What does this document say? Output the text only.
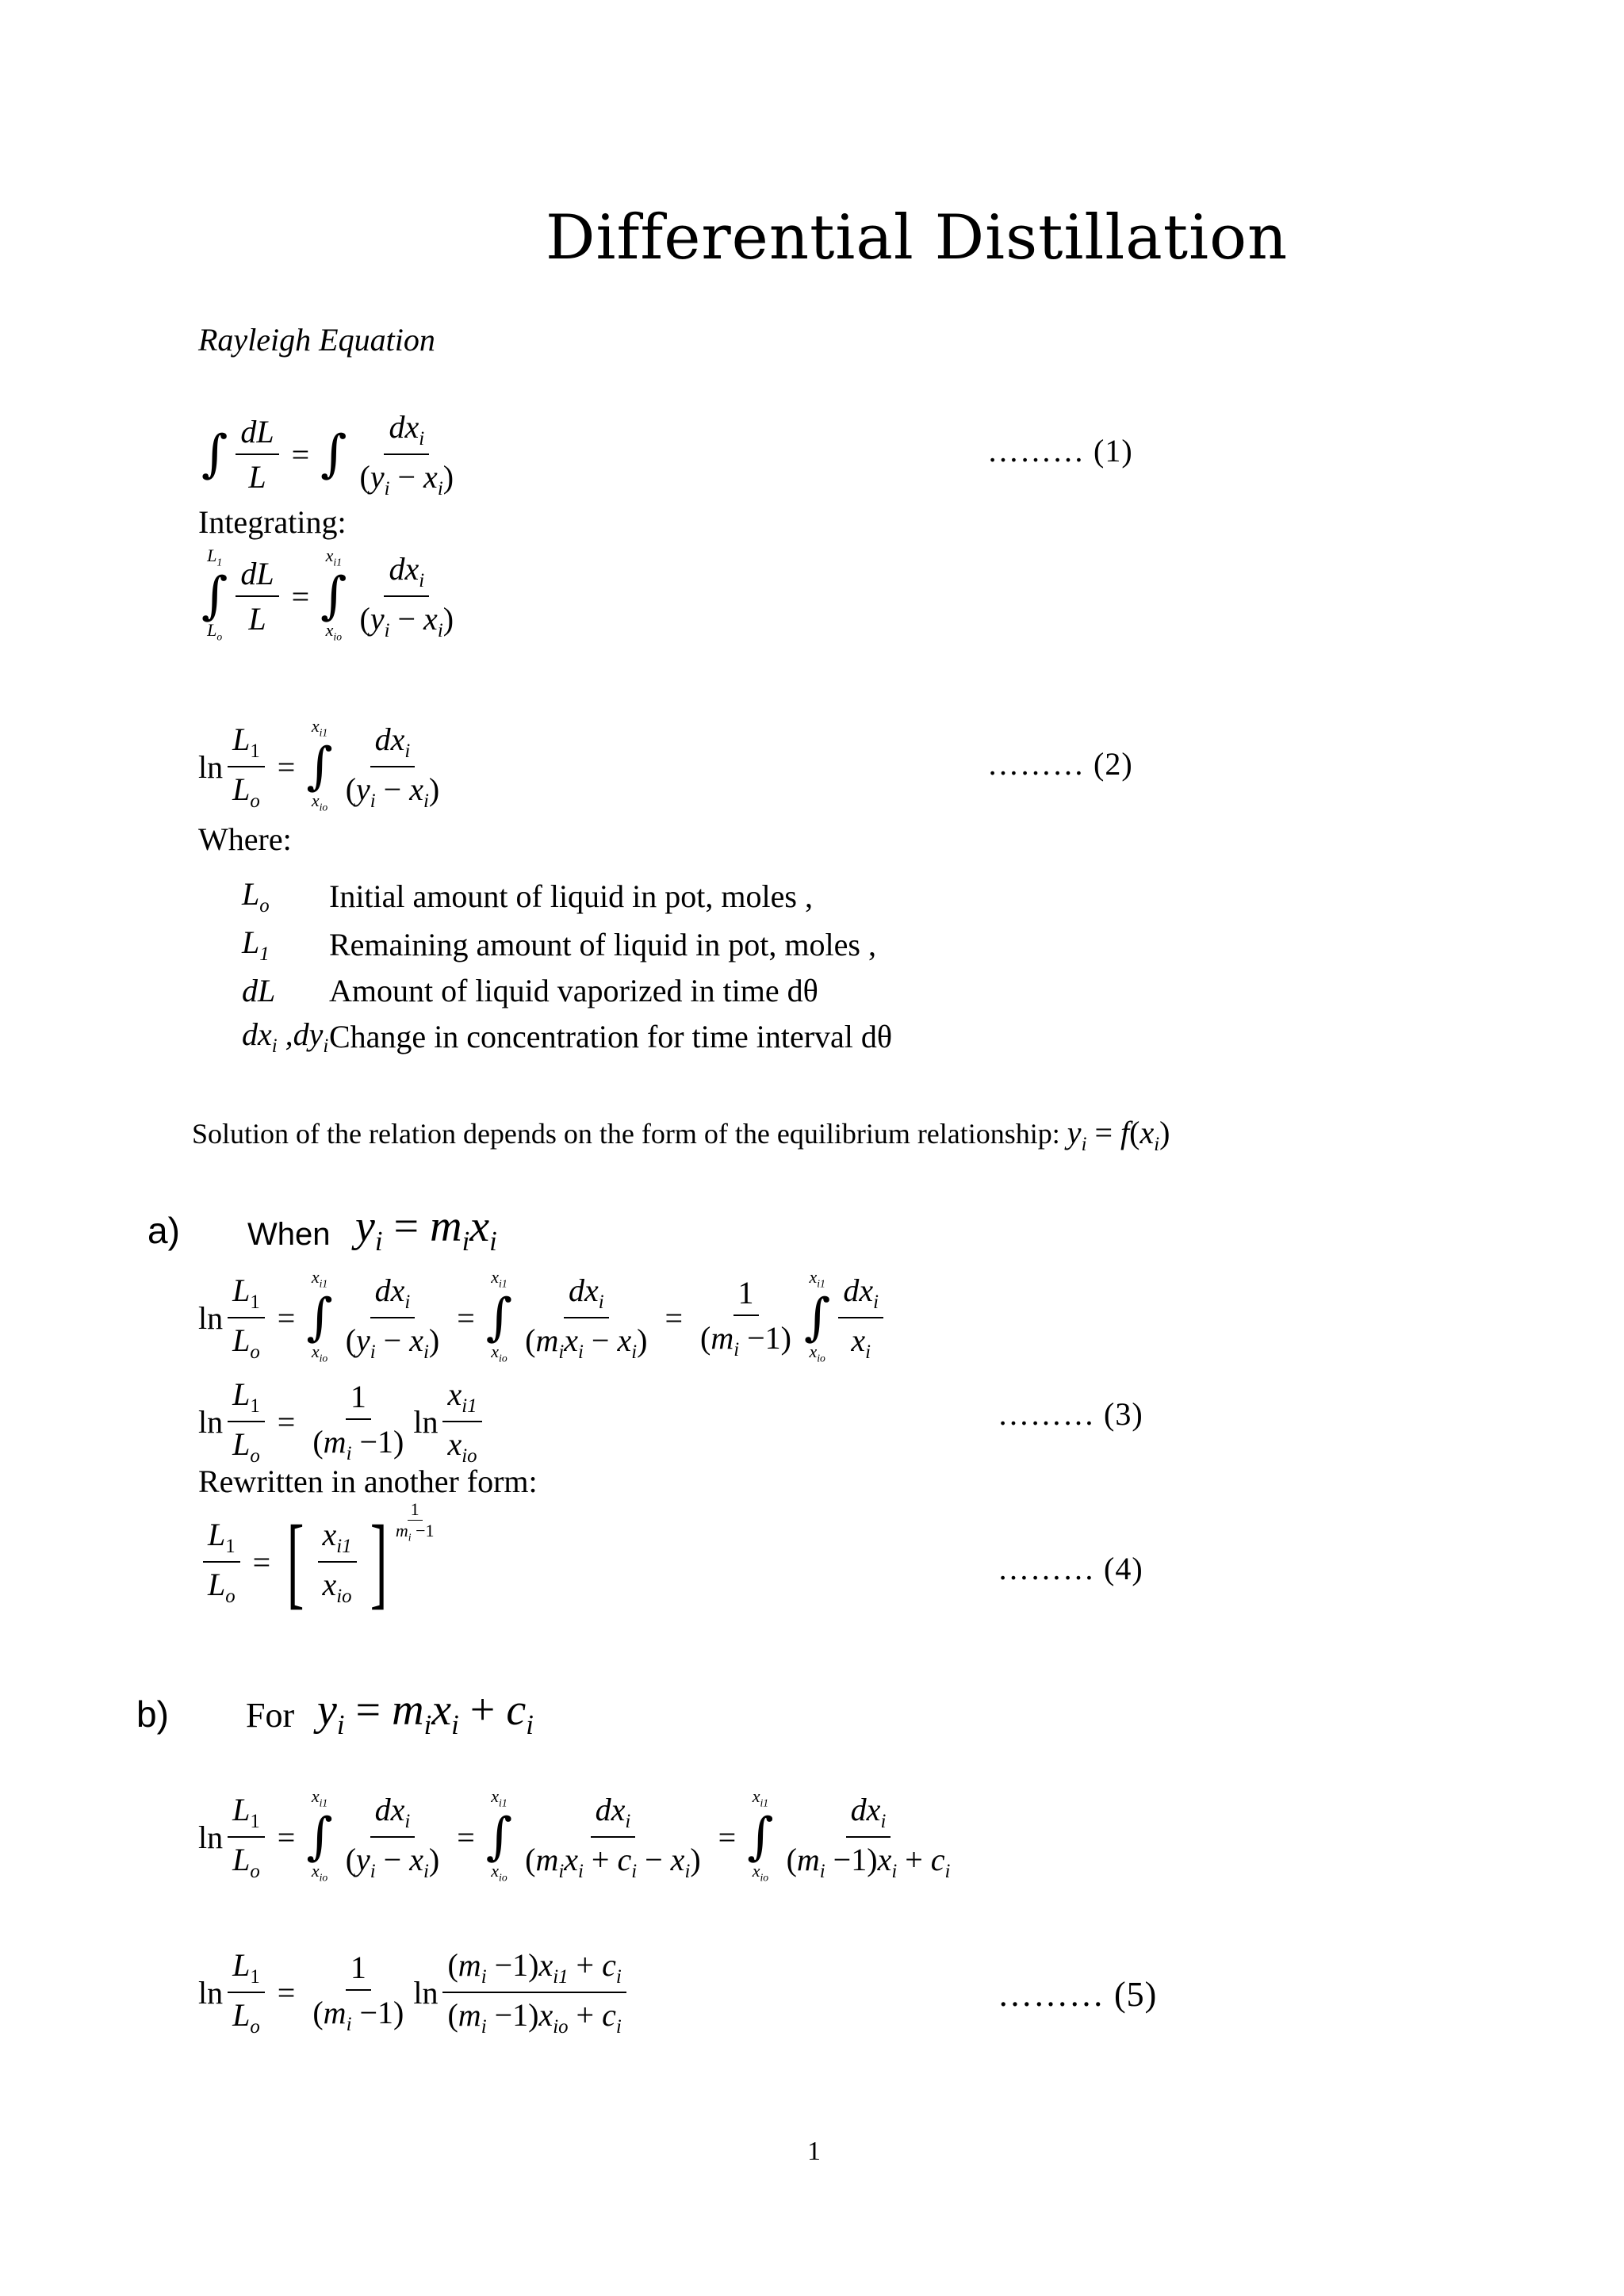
Differential Distillation
Rayleigh Equation
∫ $\frac{dL}{L}$ = ∫ $\frac{dx_i}{(y_i - x_i)}$	……… (1)
Integrating:
$L_1$
∫
$L_o \frac{dL}{L}$ =
$x_{i1}$
∫
$x_{io} \frac{dx_i}{(y_i - x_i)}$
$\ln \frac{L_1}{L_o}$ =
$x_{i1}$
∫
$x_{io} \frac{dx_i}{(y_i - x_i)}$	……… (2)
Where:
$L_o$	Initial amount of liquid in pot, moles ,
$L_1$	Remaining amount of liquid in pot, moles ,
dL	Amount of liquid vaporized in time dθ
$dx_i$ $,dy_i$	Change in concentration for time interval dθ
Solution of the relation depends on the form of the equilibrium relationship: $y_i = f(x_i)$
a) When $y_i = m_ix_i$
$\ln \frac{L_1}{L_o}$ =
$x_{i1}$
∫
$x_{io} \frac{dx_i}{(y_i - x_i)}$ =
$x_{i1}$
∫
$x_{io} \frac{dx_i}{(m_ix_i - x_i)} = \frac{1}{(m_i -1)} x_{i1}$
∫
$x_{io} \frac{dx_i}{x_i}$
$\ln \frac{L_1}{L_o} = \frac{1}{(m_i -1)}$ $\ln \frac{x_{i1}}{x_{io}}$	……… (3)
Rewritten in another form:
$\frac{L_1}{L_o}$ = [ $\frac{x_{i1}}{x_{io}}$ ] 1
$m_i -1$
……… (4)
b) For $y_i = m_ix_i + c_i$
$\ln \frac{L_1}{L_o}$ =
$x_{i1}$
∫
$x_{io} \frac{dx_i}{(y_i - x_i)}$ =
$x_{i1}$
∫
$x_{io} \frac{dx_i}{(m_ix_i + c_i - x_i)}$ =
$x_{i1}$
∫
$x_{io} \frac{dx_i}{(m_i -1)x_i + c_i}$
$\ln \frac{L_1}{L_o} = \frac{1}{(m_i -1)}$ $\ln \frac{(m_i -1)x_{i1} + c_i}{(m_i -1)x_{io} + c_i}$	……… (5)
1
